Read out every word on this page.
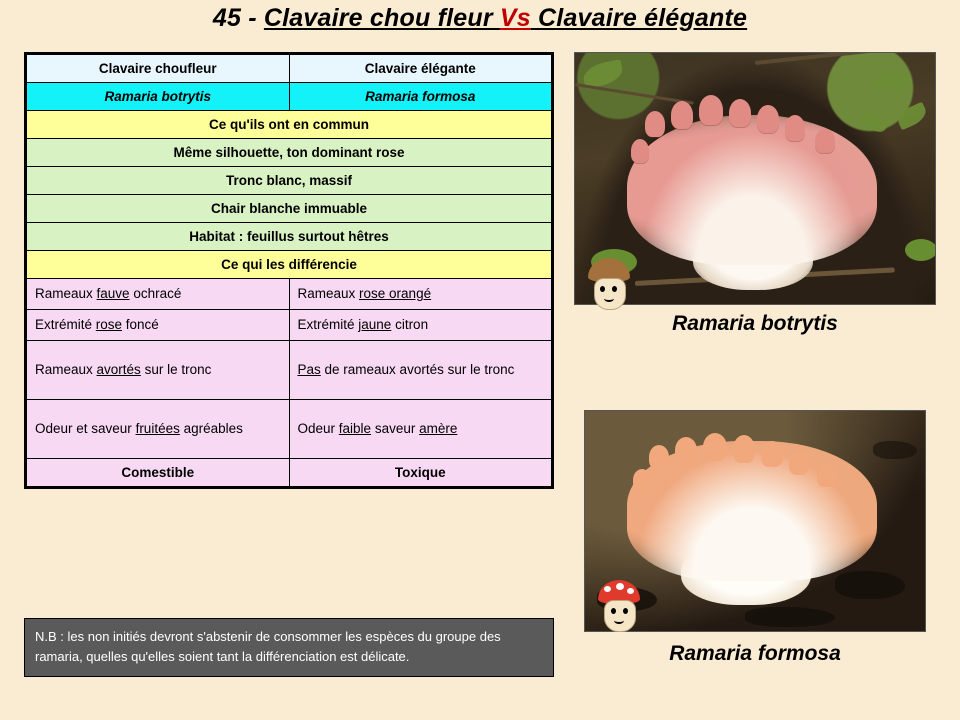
45 - Clavaire chou fleur Vs Clavaire élégante
Clavaire choufleur	Clavaire élégante
Ramaria botrytis	Ramaria formosa
Ce qu'ils ont en commun	
Même silhouette, ton dominant rose	
Tronc blanc, massif	
Chair blanche immuable	
Habitat : feuillus surtout hêtres	
Ce qui les différencie	
Rameaux fauve ochracé	Rameaux rose orangé
Extrémité rose foncé	Extrémité jaune citron
Rameaux avortés sur le tronc	Pas de rameaux avortés sur le tronc
Odeur et saveur fruitées agréables	Odeur faible saveur amère
Comestible	Toxique
N.B : les non initiés devront s'abstenir de consommer les espèces du groupe des ramaria, quelles qu'elles soient tant la différenciation est délicate.
Ramaria botrytis
Ramaria formosa
